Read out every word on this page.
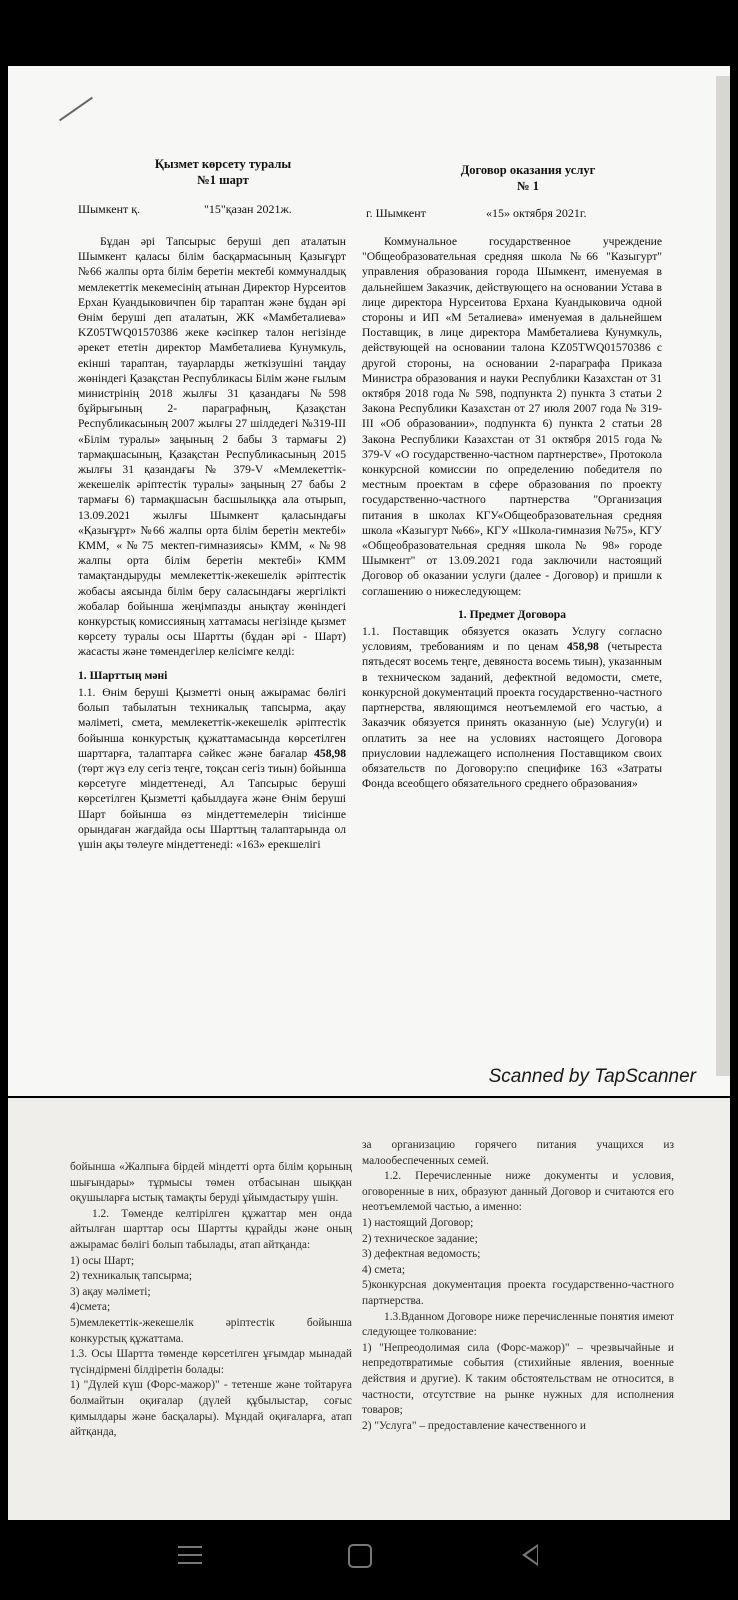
Қызмет көрсету туралы
№1 шарт
Договор оказания услуг
№ 1
Шымкент қ.	"15"қазан 2021ж.	г. Шымкент	«15» октября 2021г.

Бұдан әрі Тапсырыс беруші деп аталатын Шымкент қаласы білім басқармасының Қазығұрт №66 жалпы орта білім беретін мектебі коммуналдық мемлекеттік мекемесінің атынан Директор Нурсеитов Ерхан Куандыковичпен бір тараптан және бұдан әрі Өнім беруші деп аталатын, ЖК «Мамбеталиева» KZ05TWQ01570386 жеке кәсіпкер талон негізінде әрекет ететін директор Мамбеталиева Кунумкуль, екінші тараптан, тауарларды жеткізушіні таңдау жөніндегі Қазақстан Республикасы Білім және ғылым министрінің 2018 жылғы 31 қазандағы №598 бұйрығының 2- параграфның, Қазақстан Республикасының 2007 жылғы 27 шілдедегі №319-ІІІ «Білім туралы» заңының 2 бабы 3 тармағы 2) тармақшасының, Қазақстан Республикасының 2015 жылғы 31 қазандағы № 379-V «Мемлекеттік-жекешелік әріптестік туралы» заңының 27 бабы 2 тармағы 6) тармақшасын басшылыққа ала отырып, 13.09.2021 жылғы Шымкент қаласындағы «Қазығұрт» №66 жалпы орта білім беретін мектебі» КММ, «№75 мектеп-гимназиясы» КММ, «№98 жалпы орта білім беретін мектебі» КММ тамақтандыруды мемлекеттік-жекешелік әріптестік жобасы аясында білім беру саласындағы жергілікті жобалар бойынша жеңімпазды анықтау жөніндегі конкурстық комиссияның хаттамасы негізінде қызмет көрсету туралы осы Шартты (бұдан әрі - Шарт) жасасты және төмендегілер келісімге келді:

1. Шарттың мәні

1.1. Өнім беруші Қызметті оның ажырамас бөлігі болып табылатын техникалық тапсырма, ақау мәліметі, смета, мемлекеттік-жекешелік әріптестік бойынша конкурстық құжаттамасында көрсетілген шарттарға, талаптарға сәйкес және бағалар 458,98 (төрт жүз елу сегіз теңге, тоқсан сегіз тиын) бойынша көрсетуге міндеттенеді, Ал Тапсырыс беруші көрсетілген Қызметті қабылдауға және Өнім беруші Шарт бойынша өз міндеттемелерін тиісінше орындаған жағдайда осы Шарттың талаптарында ол үшін ақы төлеуге міндеттенеді: «163» ерекшелігі

Коммунальное государственное учреждение "Общеобразовательная средняя школа №66 "Казыгурт" управления образования города Шымкент, именуемая в дальнейшем Заказчик, действующего на основании Устава в лице директора Нурсеитова Ерхана Куандыковича одной стороны и ИП «М 5еталиева» именуемая в дальнейшем Поставщик, в лице директора Мамбеталиева Кунумкуль, действующей на основании талона KZ05TWQ01570386 с другой стороны, на основании 2-параграфа Приказа Министра образования и науки Республики Казахстан от 31 октября 2018 года № 598, подпункта 2) пункта 3 статьи 2 Закона Республики Казахстан от 27 июля 2007 года № 319-III «Об образовании», подпункта 6) пункта 2 статьи 28 Закона Республики Казахстан от 31 октября 2015 года № 379-V «О государственно-частном партнерстве», Протокола конкурсной комиссии по определению победителя по местным проектам в сфере образования по проекту государственно-частного партнерства "Организация питания в школах КГУ«Общеобразовательная средняя школа «Казыгурт №66», КГУ «Школа-гимназия №75», КГУ «Общеобразовательная средняя школа № 98» городе Шымкент" от 13.09.2021 года заключили настоящий Договор об оказании услуги (далее - Договор) и пришли к соглашению о нижеследующем:

1. Предмет Договора

1.1. Поставщик обязуется оказать Услугу согласно условиям, требованиям и по ценам 458,98 (четыреста пятьдесят восемь теңге, девяноста восемь тиын), указанным в техническом заданий, дефектной ведомости, смете, конкурсной документаций проекта государственно-частного партнерства, являющимся неотъемлемой его частью, а Заказчик обязуется принять оказанную (ые) Услугу(и) и оплатить за нее на условиях настоящего Договора приусловии надлежащего исполнения Поставщиком своих обязательств по Договору:по специфике 163 «Затраты Фонда всеобщего обязательного среднего образования»

Scanned by TapScanner

бойынша «Жалпыға бірдей міндетті орта білім қорының шығындары» тұрмысы төмен отбасынан шыққан оқушыларға ыстық тамақты беруді ұйымдастыру үшін.

1.2. Төменде келтірілген құжаттар мен онда айтылған шарттар осы Шартты құрайды және оның ажырамас бөлігі болып табылады, атап айтқанда:

1) осы Шарт;

2) техникалық тапсырма;

3) ақау мәліметі;

4)смета;

5)мемлекеттік-жекешелік әріптестік бойынша конкурстық құжаттама.

1.3. Осы Шартта төменде көрсетілген ұғымдар мынадай түсіндірмені білдіретін болады:

1) "Дүлей күш (Форс-мажор)" - тетенше және тойтаруға болмайтын оқиғалар (дүлей құбылыстар, соғыс қимылдары және басқалары). Мұндай оқиғаларға, атап айтқанда,

за организацию горячего питания учащихся из малообеспеченных семей.

1.2. Перечисленные ниже документы и условия, оговоренные в них, образуют данный Договор и считаются его неотъемлемой частью, а именно:

1) настоящий Договор;

2) техническое задание;

3) дефектная ведомость;

4) смета;

5)конкурсная документация проекта государственно-частного партнерства.

1.3.Вданном Договоре ниже перечисленные понятия имеют следующее толкование:

1) "Непреодолимая сила (Форс-мажор)" – чрезвычайные и непредотвратимые события (стихийные явления, военные действия и другие). К таким обстоятельствам не относится, в частности, отсутствие на рынке нужных для исполнения товаров;

2) "Услуга" – предоставление качественного и
